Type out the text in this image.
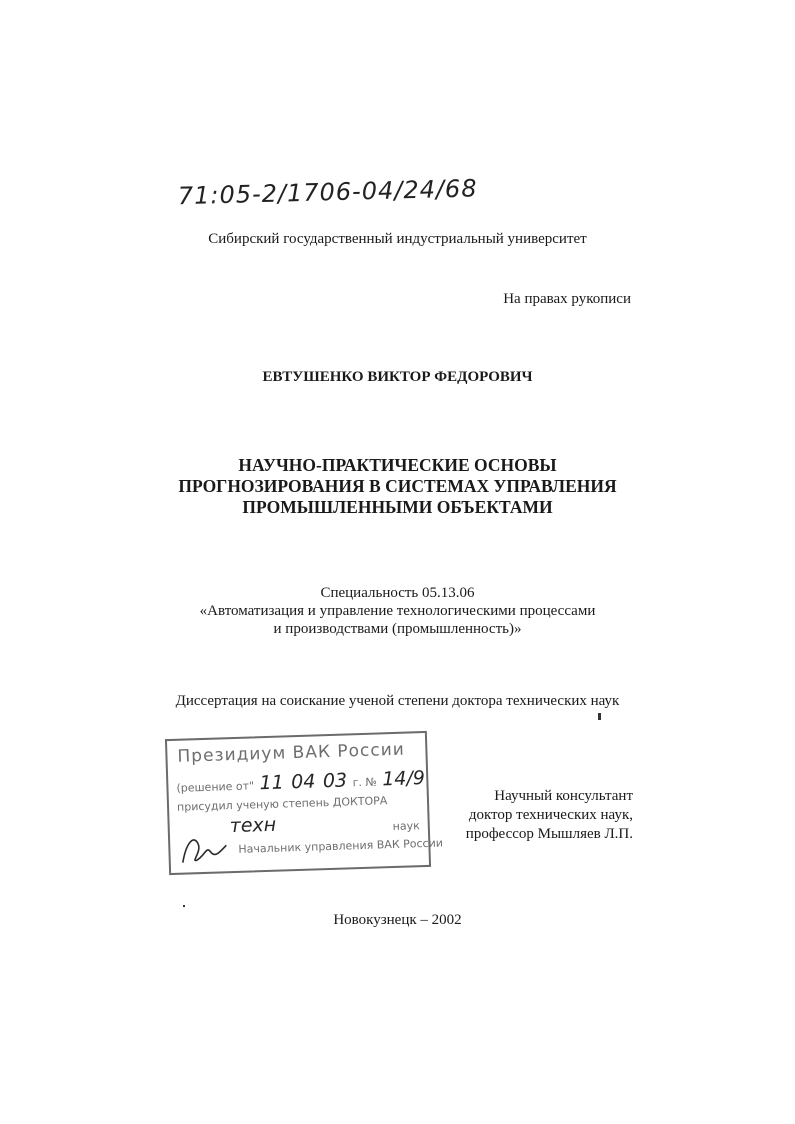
71:05-2/1706-04/24/68
Сибирский государственный индустриальный университет
На правах рукописи
ЕВТУШЕНКО ВИКТОР ФЕДОРОВИЧ
НАУЧНО-ПРАКТИЧЕСКИЕ ОСНОВЫ
ПРОГНОЗИРОВАНИЯ В СИСТЕМАХ УПРАВЛЕНИЯ
ПРОМЫШЛЕННЫМИ ОБЪЕКТАМИ
Специальность 05.13.06
«Автоматизация и управление технологическими процессами
и производствами (промышленность)»
Диссертация на соискание ученой степени доктора технических наук
Президиум ВАК России
(решение от" 11 04 03 г. № 14/9
присудил ученую степень ДОКТОРА
техн	наук
Начальник управления ВАК России
Научный консультант
доктор технических наук,
профессор Мышляев Л.П.
Новокузнецк – 2002
